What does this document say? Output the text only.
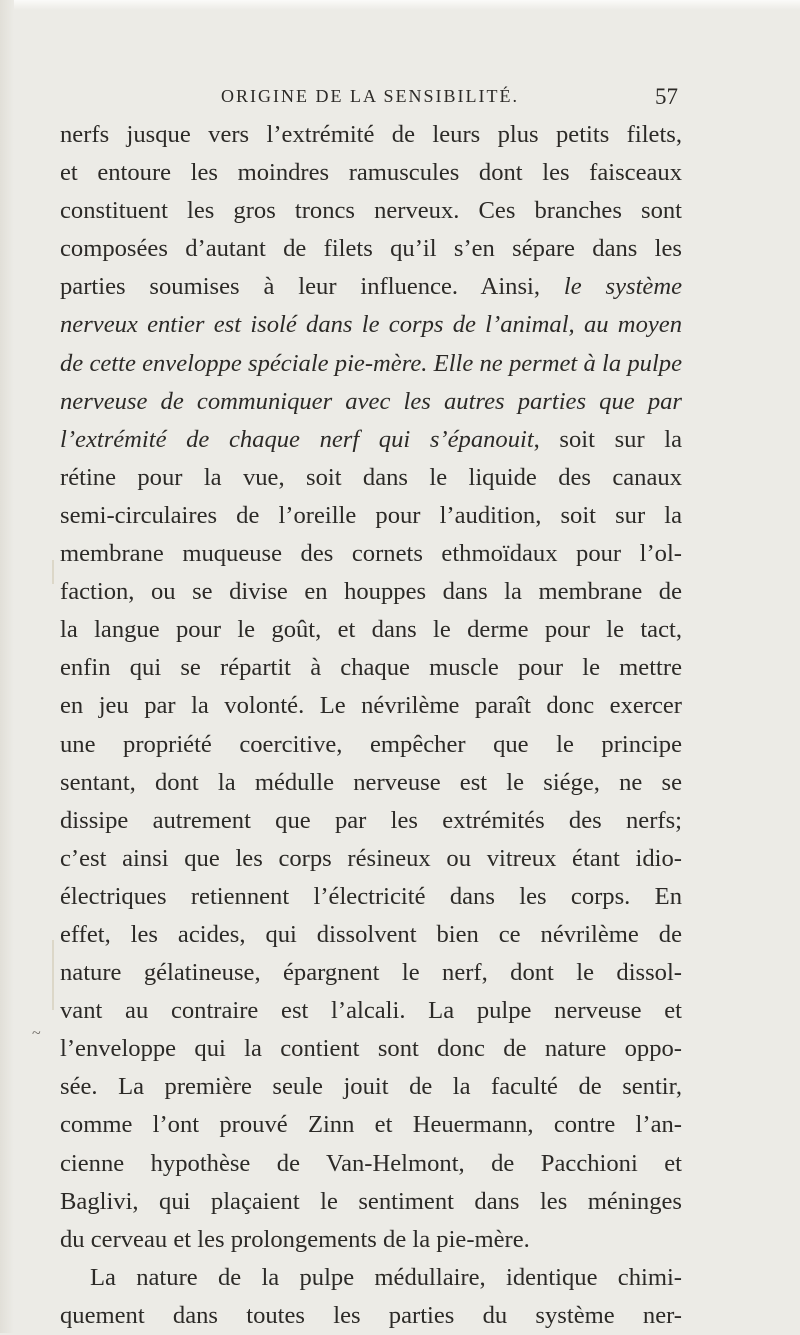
ORIGINE DE LA SENSIBILITÉ.	57
nerfs jusque vers l’extrémité de leurs plus petits filets,
et entoure les moindres ramuscules dont les faisceaux
constituent les gros troncs nerveux. Ces branches sont
composées d’autant de filets qu’il s’en sépare dans les
parties soumises à leur influence. Ainsi, le système
nerveux entier est isolé dans le corps de l’animal, au moyen
de cette enveloppe spéciale pie-mère. Elle ne permet à la pulpe
nerveuse de communiquer avec les autres parties que par
l’extrémité de chaque nerf qui s’épanouit, soit sur la
rétine pour la vue, soit dans le liquide des canaux
semi-circulaires de l’oreille pour l’audition, soit sur la
membrane muqueuse des cornets ethmoïdaux pour l’ol-
faction, ou se divise en houppes dans la membrane de
la langue pour le goût, et dans le derme pour le tact,
enfin qui se répartit à chaque muscle pour le mettre
en jeu par la volonté. Le névrilème paraît donc exercer
une propriété coercitive, empêcher que le principe
sentant, dont la médulle nerveuse est le siége, ne se
dissipe autrement que par les extrémités des nerfs;
c’est ainsi que les corps résineux ou vitreux étant idio-
électriques retiennent l’électricité dans les corps. En
effet, les acides, qui dissolvent bien ce névrilème de
nature gélatineuse, épargnent le nerf, dont le dissol-
vant au contraire est l’alcali. La pulpe nerveuse et
l’enveloppe qui la contient sont donc de nature oppo-
sée. La première seule jouit de la faculté de sentir,
comme l’ont prouvé Zinn et Heuermann, contre l’an-
cienne hypothèse de Van-Helmont, de Pacchioni et
Baglivi, qui plaçaient le sentiment dans les méninges
du cerveau et les prolongements de la pie-mère.
La nature de la pulpe médullaire, identique chimi-
quement dans toutes les parties du système ner-
~
